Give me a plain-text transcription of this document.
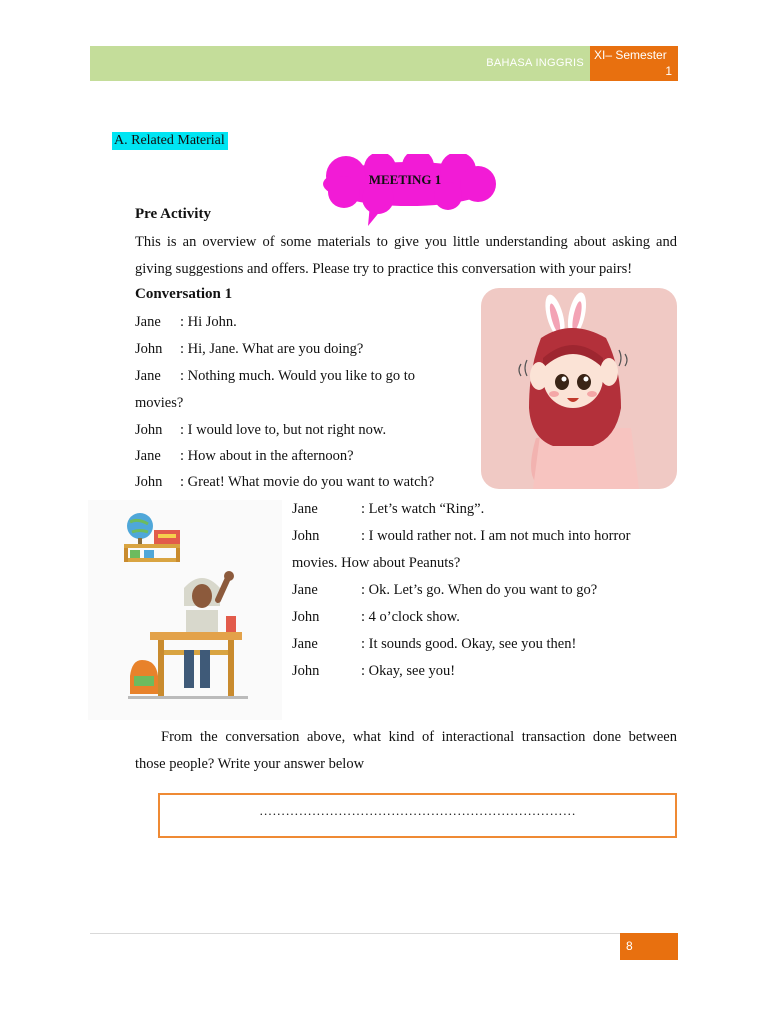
BAHASA INGGRIS
XI– Semester
1
A. Related Material
MEETING 1
Pre Activity
This is an overview of some materials to give you little understanding about asking and
giving suggestions and offers. Please try to practice this conversation with your pairs!
Conversation 1
Jane : Hi John.
John : Hi, Jane. What are you doing?
Jane : Nothing much. Would you like to go to
movies?
John : I would love to, but not right now.
Jane : How about in the afternoon?
John : Great! What movie do you want to watch?
Jane	: Let’s watch “Ring”.
John	: I would rather not. I am not much into horror
movies. How about Peanuts?
Jane	: Ok. Let’s go. When do you want to go?
John	: 4 o’clock show.
Jane	: It sounds good. Okay, see you then!
John	: Okay, see you!
From the conversation above, what kind of interactional transaction done between
those people? Write your answer below
………………………………………………………………
8
